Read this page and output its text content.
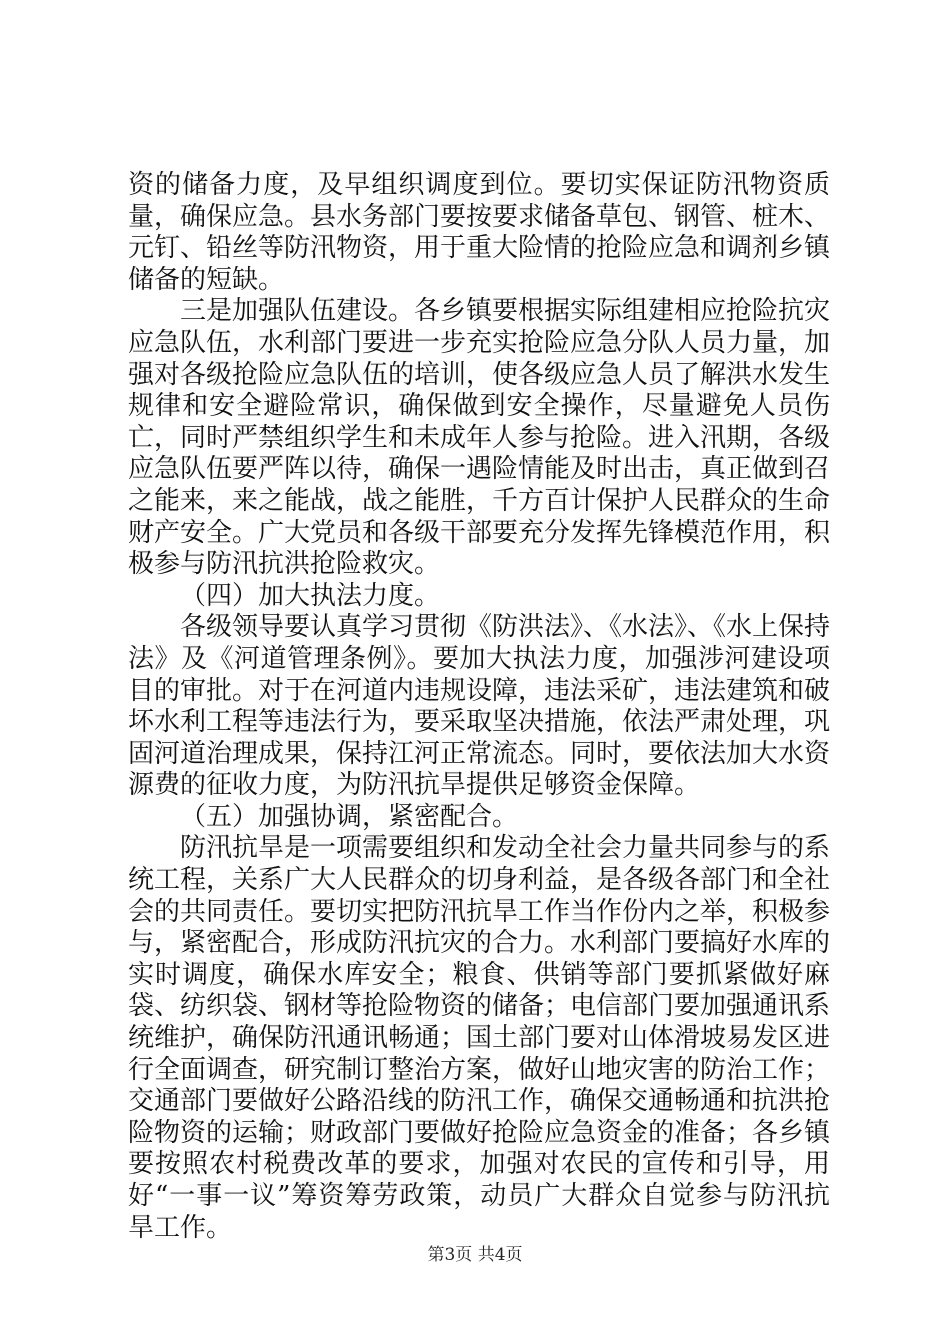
资的储备力度，及早组织调度到位。要切实保证防汛物资质量，确保应急。县水务部门要按要求储备草包、钢管、桩木、元钉、铅丝等防汛物资，用于重大险情的抢险应急和调剂乡镇储备的短缺。

三是加强队伍建设。各乡镇要根据实际组建相应抢险抗灾应急队伍，水利部门要进一步充实抢险应急分队人员力量，加强对各级抢险应急队伍的培训，使各级应急人员了解洪水发生规律和安全避险常识，确保做到安全操作，尽量避免人员伤亡，同时严禁组织学生和未成年人参与抢险。进入汛期，各级应急队伍要严阵以待，确保一遇险情能及时出击，真正做到召之能来，来之能战，战之能胜，千方百计保护人民群众的生命财产安全。广大党员和各级干部要充分发挥先锋模范作用，积极参与防汛抗洪抢险救灾。

（四）加大执法力度。

各级领导要认真学习贯彻《防洪法》、《水法》、《水上保持法》及《河道管理条例》。要加大执法力度，加强涉河建设项目的审批。对于在河道内违规设障，违法采矿，违法建筑和破坏水利工程等违法行为，要采取坚决措施，依法严肃处理，巩固河道治理成果，保持江河正常流态。同时，要依法加大水资源费的征收力度，为防汛抗旱提供足够资金保障。

（五）加强协调，紧密配合。

防汛抗旱是一项需要组织和发动全社会力量共同参与的系统工程，关系广大人民群众的切身利益，是各级各部门和全社会的共同责任。要切实把防汛抗旱工作当作份内之举，积极参与，紧密配合，形成防汛抗灾的合力。水利部门要搞好水库的实时调度，确保水库安全；粮食、供销等部门要抓紧做好麻袋、纺织袋、钢材等抢险物资的储备；电信部门要加强通讯系统维护，确保防汛通讯畅通；国土部门要对山体滑坡易发区进行全面调查，研究制订整治方案，做好山地灾害的防治工作；交通部门要做好公路沿线的防汛工作，确保交通畅通和抗洪抢险物资的运输；财政部门要做好抢险应急资金的准备；各乡镇要按照农村税费改革的要求，加强对农民的宣传和引导，用好“一事一议”筹资筹劳政策，动员广大群众自觉参与防汛抗旱工作。

第3页 共4页
